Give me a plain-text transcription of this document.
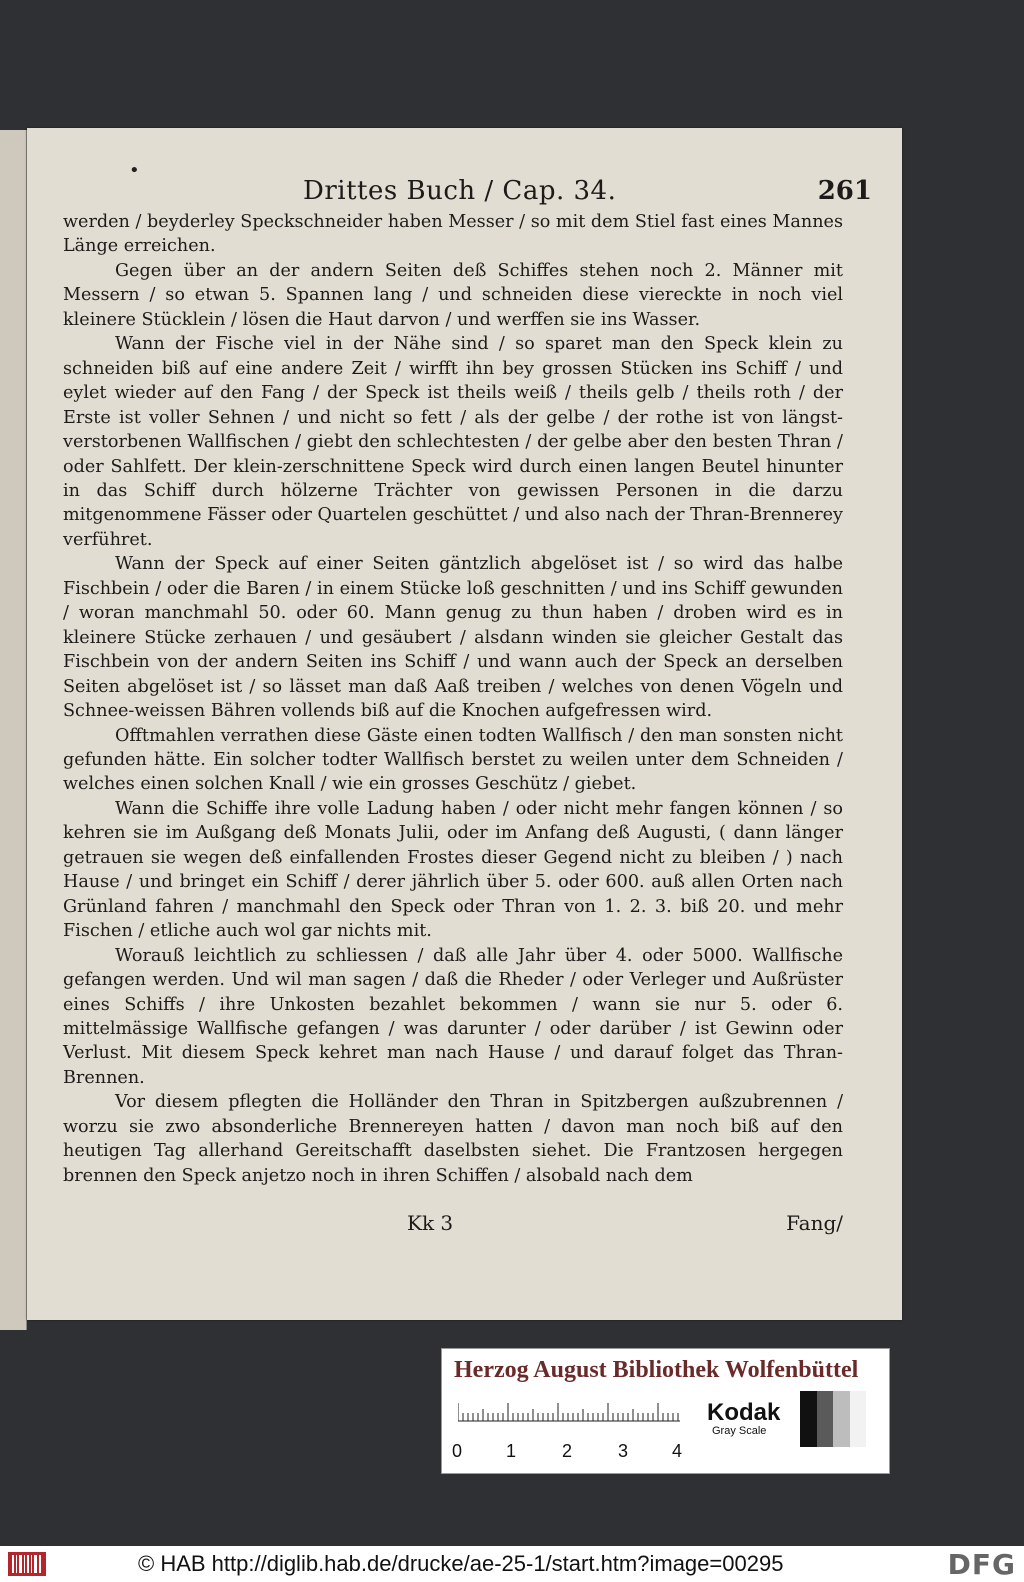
•
Drittes Buch / Cap. 34.	261

werden / beyderley Speckschneider haben Messer / so mit dem Stiel fast eines Mannes Länge erreichen.

Gegen über an der andern Seiten deß Schiffes stehen noch 2. Männer mit Messern / so etwan 5. Spannen lang / und schneiden diese viereckte in noch viel kleinere Stücklein / lösen die Haut darvon / und werffen sie ins Wasser.

Wann der Fische viel in der Nähe sind / so sparet man den Speck klein zu schneiden biß auf eine andere Zeit / wirfft ihn bey grossen Stücken ins Schiff / und eylet wieder auf den Fang / der Speck ist theils weiß / theils gelb / theils roth / der Erste ist voller Sehnen / und nicht so fett / als der gelbe / der rothe ist von längst-verstorbenen Wallfischen / giebt den schlechtesten / der gelbe aber den besten Thran / oder Sahlfett. Der klein-zerschnittene Speck wird durch einen langen Beutel hinunter in das Schiff durch hölzerne Trächter von gewissen Personen in die darzu mitgenommene Fässer oder Quartelen geschüttet / und also nach der Thran-Brennerey verführet.

Wann der Speck auf einer Seiten gäntzlich abgelöset ist / so wird das halbe Fischbein / oder die Baren / in einem Stücke loß geschnitten / und ins Schiff gewunden / woran manchmahl 50. oder 60. Mann genug zu thun haben / droben wird es in kleinere Stücke zerhauen / und gesäubert / alsdann winden sie gleicher Gestalt das Fischbein von der andern Seiten ins Schiff / und wann auch der Speck an derselben Seiten abgelöset ist / so lässet man daß Aaß treiben / welches von denen Vögeln und Schnee-weissen Bähren vollends biß auf die Knochen aufgefressen wird.

Offtmahlen verrathen diese Gäste einen todten Wallfisch / den man sonsten nicht gefunden hätte. Ein solcher todter Wallfisch berstet zu weilen unter dem Schneiden / welches einen solchen Knall / wie ein grosses Geschütz / giebet.

Wann die Schiffe ihre volle Ladung haben / oder nicht mehr fangen können / so kehren sie im Außgang deß Monats Julii, oder im Anfang deß Augusti, ( dann länger getrauen sie wegen deß einfallenden Frostes dieser Gegend nicht zu bleiben / ) nach Hause / und bringet ein Schiff / derer jährlich über 5. oder 600. auß allen Orten nach Grünland fahren / manchmahl den Speck oder Thran von 1. 2. 3. biß 20. und mehr Fischen / etliche auch wol gar nichts mit.

Worauß leichtlich zu schliessen / daß alle Jahr über 4. oder 5000. Wallfische gefangen werden. Und wil man sagen / daß die Rheder / oder Verleger und Außrüster eines Schiffs / ihre Unkosten bezahlet bekommen / wann sie nur 5. oder 6. mittelmässige Wallfische gefangen / was darunter / oder darüber / ist Gewinn oder Verlust. Mit diesem Speck kehret man nach Hause / und darauf folget das Thran-Brennen.

Vor diesem pflegten die Holländer den Thran in Spitzbergen außzubrennen / worzu sie zwo absonderliche Brennereyen hatten / davon man noch biß auf den heutigen Tag allerhand Gereitschafft daselbsten siehet. Die Frantzosen hergegen brennen den Speck anjetzo noch in ihren Schiffen / alsobald nach dem

Kk 3	Fang/
Herzog August Bibliothek Wolfenbüttel
0 1	2	3 4
Kodak
Gray Scale
© HAB http://diglib.hab.de/drucke/ae-25-1/start.htm?image=00295	DFG
